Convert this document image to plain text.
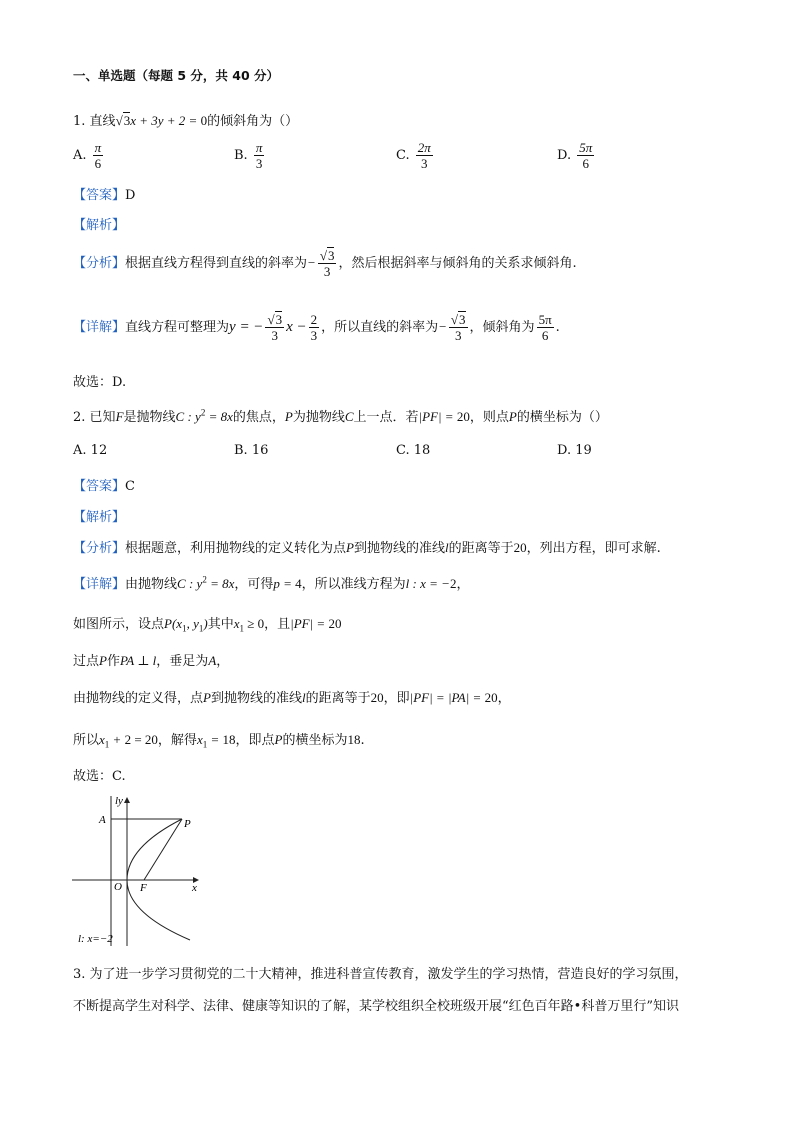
一、单选题（每题 5 分，共 40 分）
1. 直线√3x + 3y + 2 = 0的倾斜角为（）
A. $\frac{\pi}{6}$	B. $\frac{\pi}{3}$	C. $\frac{2\pi}{3}$	D. $\frac{5\pi}{6}$
【答案】D
【解析】
【分析】根据直线方程得到直线的斜率为− $\frac{√3}{3}$ ，然后根据斜率与倾斜角的关系求倾斜角.
【详解】直线方程可整理为y = − $\frac{√3}{3}$ $x - \frac{2}{3}$ ，所以直线的斜率为− $\frac{√3}{3}$ ，倾斜角为 $\frac{5\pi}{6}$ .
故选：D.
2. 已知F是抛物线C : $y^2 = 8x$的焦点，P为抛物线C上一点．若|PF| = 20，则点P的横坐标为（）
A. 12	B. 16	C. 18	D. 19
【答案】C
【解析】
【分析】根据题意，利用抛物线的定义转化为点P到抛物线的准线l的距离等于20，列出方程，即可求解.
【详解】由抛物线C : $y^2 = 8x$，可得p = 4，所以准线方程为l : x = −2，
如图所示，设点$P(x_1$, $y_1$)其中$x_1 \ge 0$，且|PF| = 20
过点P作PA ⊥ l，垂足为A，
由抛物线的定义得，点P到抛物线的准线l的距离等于20，即|PF| = |PA| = 20，
所以$x_1 + 2 = 20$，解得$x_1 = 18$，即点P的横坐标为18.
故选：C.
l y
A	P
O F	x
l: x=−2
3. 为了进一步学习贯彻党的二十大精神，推进科普宣传教育，激发学生的学习热情，营造良好的学习氛围，
不断提高学生对科学、法律、健康等知识的了解，某学校组织全校班级开展“红色百年路•科普万里行”知识
